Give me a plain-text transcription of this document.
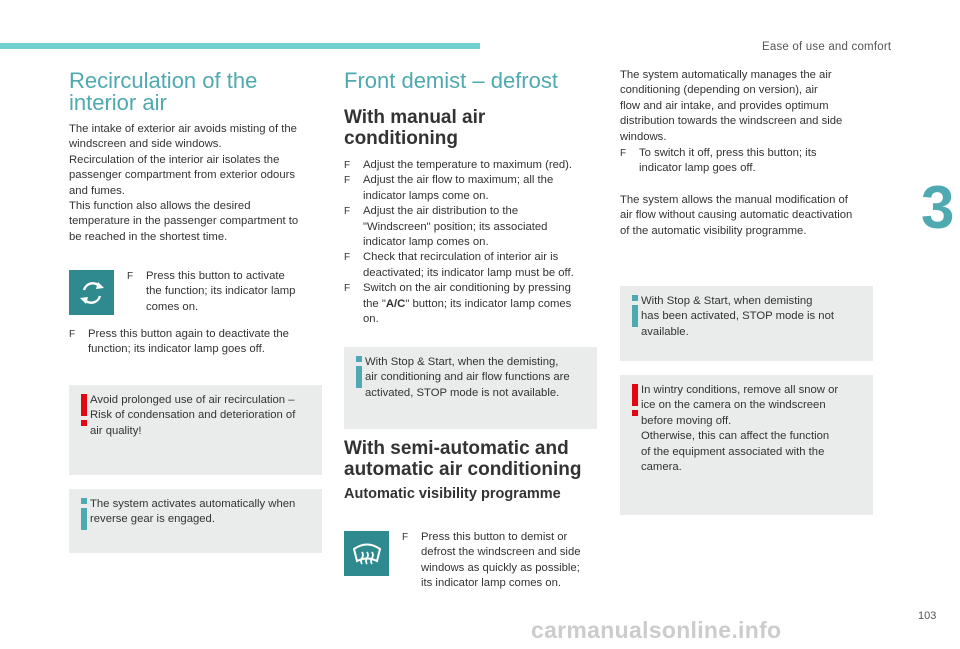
Ease of use and comfort
Recirculation of the
interior air

The intake of exterior air avoids misting of the
windscreen and side windows.
Recirculation of the interior air isolates the
passenger compartment from exterior odours
and fumes.
This function also allows the desired
temperature in the passenger compartment to
be reached in the shortest time.

F Press this button to activate
the function; its indicator lamp
comes on.
F Press this button again to deactivate the
function; its indicator lamp goes off.
Avoid prolonged use of air recirculation –
Risk of condensation and deterioration of
air quality!
The system activates automatically when
reverse gear is engaged.
Front demist – defrost
With manual air
conditioning
F Adjust the temperature to maximum (red).
F Adjust the air flow to maximum; all the
indicator lamps come on.
F Adjust the air distribution to the
"Windscreen" position; its associated
indicator lamp comes on.
F Check that recirculation of interior air is
deactivated; its indicator lamp must be off.
F Switch on the air conditioning by pressing
the "A/C" button; its indicator lamp comes
on.
With Stop & Start, when the demisting,
air conditioning and air flow functions are
activated, STOP mode is not available.
With semi-automatic and
automatic air conditioning
Automatic visibility programme
F Press this button to demist or
defrost the windscreen and side
windows as quickly as possible;
its indicator lamp comes on.

The system automatically manages the air
conditioning (depending on version), air
flow and air intake, and provides optimum
distribution towards the windscreen and side
windows.

F To switch it off, press this button; its
indicator lamp goes off.

The system allows the manual modification of
air flow without causing automatic deactivation
of the automatic visibility programme.

With Stop & Start, when demisting
has been activated, STOP mode is not
available.
In wintry conditions, remove all snow or
ice on the camera on the windscreen
before moving off.
Otherwise, this can affect the function
of the equipment associated with the
camera.
3
103
carmanualsonline.info
